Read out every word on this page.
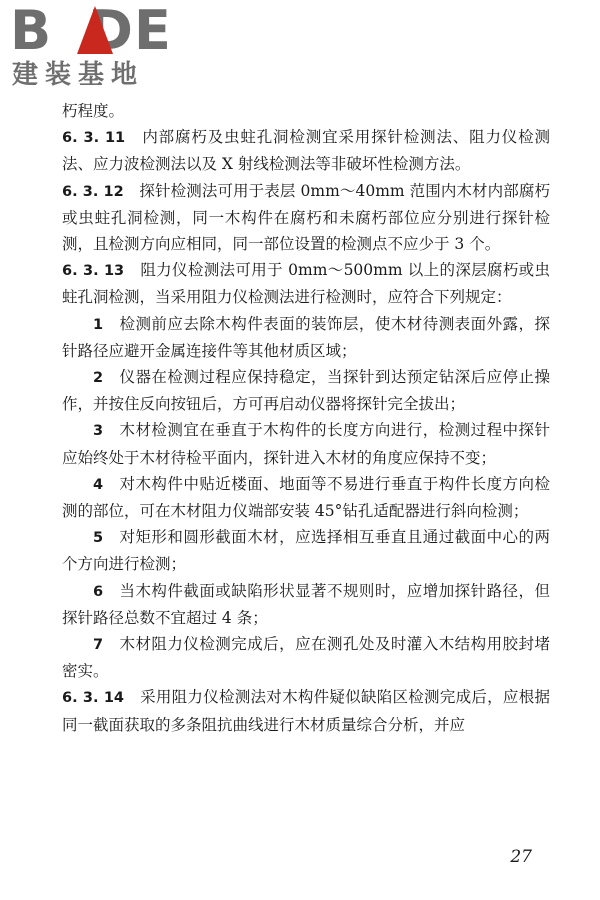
B DE
建装基地

朽程度。

6. 3. 11　 内部腐朽及虫蛀孔洞检测宜采用探针检测法、阻力仪检测法、应力波检测法以及 X 射线检测法等非破坏性检测方法。

6. 3. 12　 探针检测法可用于表层 0mm～40mm 范围内木材内部腐朽或虫蛀孔洞检测，同一木构件在腐朽和未腐朽部位应分别进行探针检测，且检测方向应相同，同一部位设置的检测点不应少于 3 个。

6. 3. 13　 阻力仪检测法可用于 0mm～500mm 以上的深层腐朽或虫蛀孔洞检测，当采用阻力仪检测法进行检测时，应符合下列规定：

1　 检测前应去除木构件表面的装饰层，使木材待测表面外露，探针路径应避开金属连接件等其他材质区域；

2　 仪器在检测过程应保持稳定，当探针到达预定钻深后应停止操作，并按住反向按钮后，方可再启动仪器将探针完全拔出；

3　 木材检测宜在垂直于木构件的长度方向进行，检测过程中探针应始终处于木材待检平面内，探针进入木材的角度应保持不变；

4　 对木构件中贴近楼面、地面等不易进行垂直于构件长度方向检测的部位，可在木材阻力仪端部安装 45°钻孔适配器进行斜向检测；

5　 对矩形和圆形截面木材，应选择相互垂直且通过截面中心的两个方向进行检测；

6　 当木构件截面或缺陷形状显著不规则时，应增加探针路径，但探针路径总数不宜超过 4 条；

7　 木材阻力仪检测完成后，应在测孔处及时灌入木结构用胶封堵密实。

6. 3. 14　 采用阻力仪检测法对木构件疑似缺陷区检测完成后，应根据同一截面获取的多条阻抗曲线进行木材质量综合分析，并应

27
